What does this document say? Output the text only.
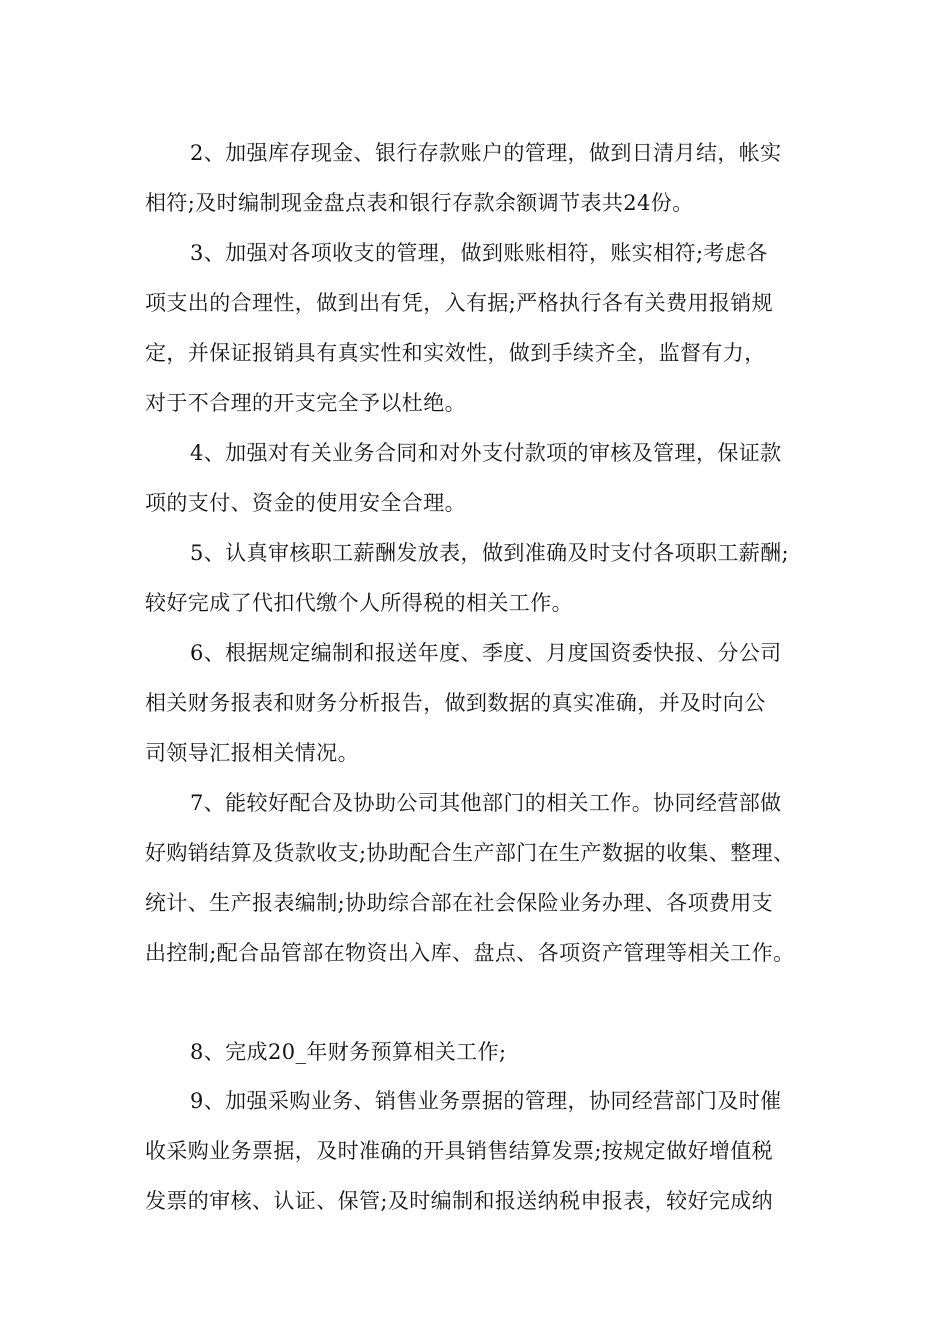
2、加强库存现金、银行存款账户的管理，做到日清月结，帐实
相符;及时编制现金盘点表和银行存款余额调节表共24份。
3、加强对各项收支的管理，做到账账相符，账实相符;考虑各
项支出的合理性，做到出有凭，入有据;严格执行各有关费用报销规
定，并保证报销具有真实性和实效性，做到手续齐全，监督有力，
对于不合理的开支完全予以杜绝。
4、加强对有关业务合同和对外支付款项的审核及管理，保证款
项的支付、资金的使用安全合理。
5、认真审核职工薪酬发放表，做到准确及时支付各项职工薪酬;
较好完成了代扣代缴个人所得税的相关工作。
6、根据规定编制和报送年度、季度、月度国资委快报、分公司
相关财务报表和财务分析报告，做到数据的真实准确，并及时向公
司领导汇报相关情况。
7、能较好配合及协助公司其他部门的相关工作。协同经营部做
好购销结算及货款收支;协助配合生产部门在生产数据的收集、整理、
统计、生产报表编制;协助综合部在社会保险业务办理、各项费用支
出控制;配合品管部在物资出入库、盘点、各项资产管理等相关工作。
8、完成20_年财务预算相关工作;
9、加强采购业务、销售业务票据的管理，协同经营部门及时催
收采购业务票据，及时准确的开具销售结算发票;按规定做好增值税
发票的审核、认证、保管;及时编制和报送纳税申报表，较好完成纳
